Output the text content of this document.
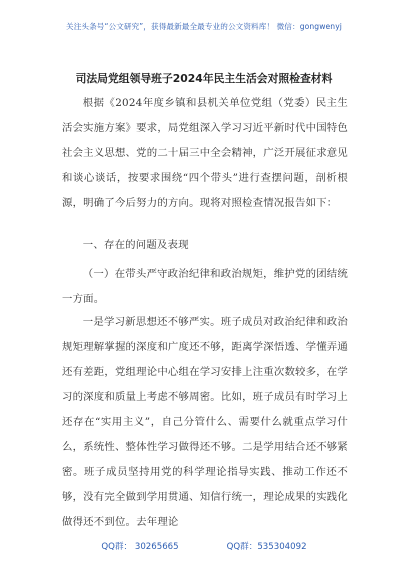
关注头条号“公文研究”，获得最新最全最专业的公文资料库！ 微信：gongwenyj
司法局党组领导班子2024年民主生活会对照检查材料

根据《2024年度乡镇和县机关单位党组（党委）民主生活会实施方案》要求，局党组深入学习习近平新时代中国特色社会主义思想、党的二十届三中全会精神，广泛开展征求意见和谈心谈话，按要求围绕“四个带头”进行查摆问题，剖析根源，明确了今后努力的方向。现将对照检查情况报告如下：

一、存在的问题及表现

（一）在带头严守政治纪律和政治规矩，维护党的团结统一方面。

一是学习新思想还不够严实。班子成员对政治纪律和政治规矩理解掌握的深度和广度还不够，距离学深悟透、学懂弄通还有差距，党组理论中心组在学习安排上注重次数较多，在学习的深度和质量上考虑不够周密。比如，班子成员有时学习上还存在“实用主义”，自己分管什么、需要什么就重点学习什么，系统性、整体性学习做得还不够。二是学用结合还不够紧密。班子成员坚持用党的科学理论指导实践、推动工作还不够，没有完全做到学用贯通、知信行统一，理论成果的实践化做得还不到位。去年理论

QQ群： 30265665	QQ群：535304092
